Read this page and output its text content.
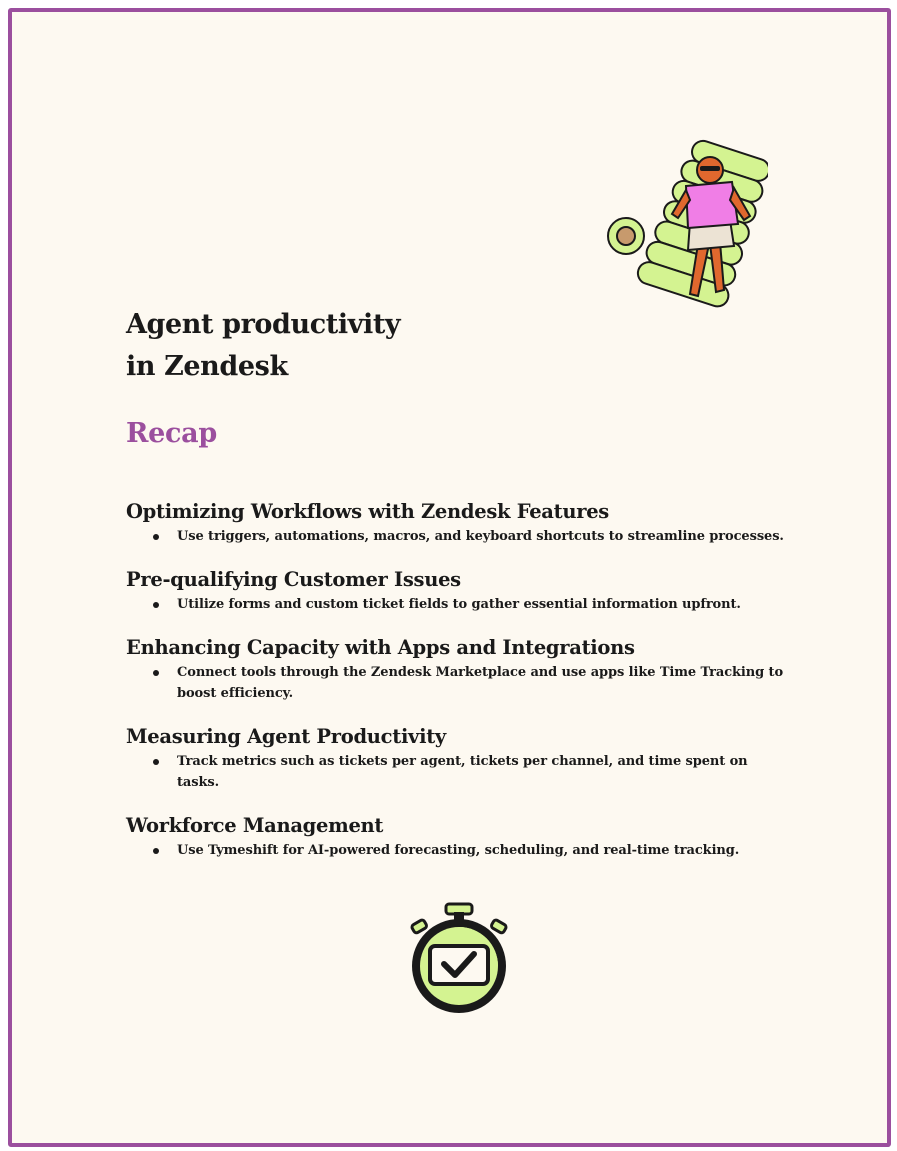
Agent productivity
in Zendesk
Recap
Optimizing Workflows with Zendesk Features
Use triggers, automations, macros, and keyboard shortcuts to streamline processes.
Pre-qualifying Customer Issues
Utilize forms and custom ticket fields to gather essential information upfront.
Enhancing Capacity with Apps and Integrations
Connect tools through the Zendesk Marketplace and use apps like Time Tracking to boost efficiency.
Measuring Agent Productivity
Track metrics such as tickets per agent, tickets per channel, and time spent on tasks.
Workforce Management
Use Tymeshift for AI-powered forecasting, scheduling, and real-time tracking.
